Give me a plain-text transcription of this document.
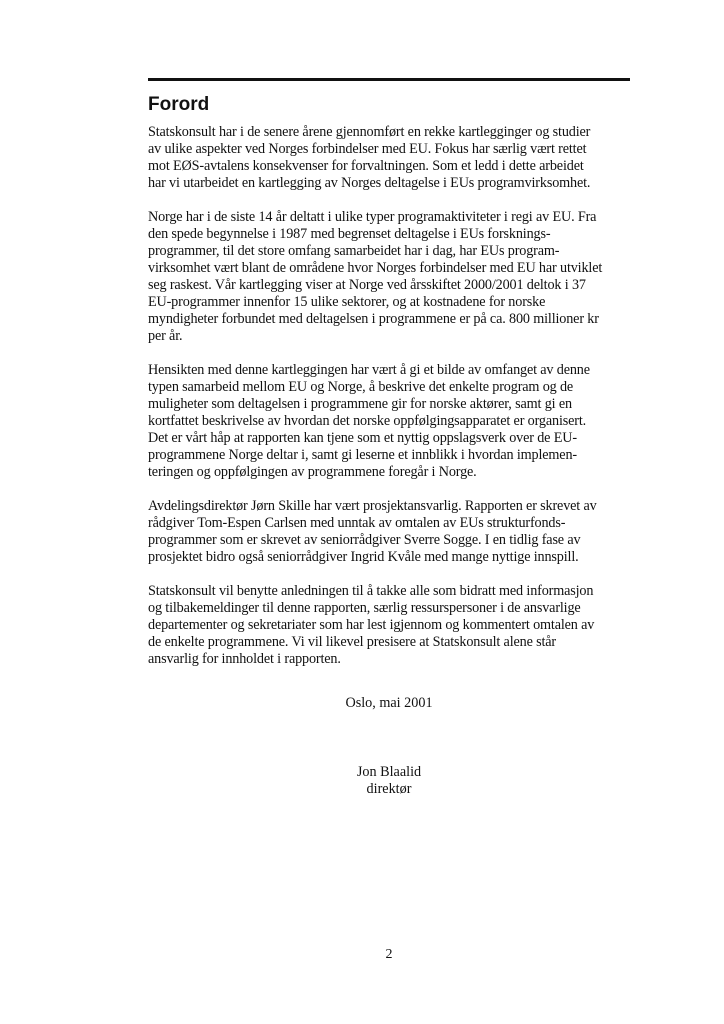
Forord

Statskonsult har i de senere årene gjennomført en rekke kartlegginger og studier
av ulike aspekter ved Norges forbindelser med EU. Fokus har særlig vært rettet
mot EØS-avtalens konsekvenser for forvaltningen. Som et ledd i dette arbeidet
har vi utarbeidet en kartlegging av Norges deltagelse i EUs programvirksomhet.

Norge har i de siste 14 år deltatt i ulike typer programaktiviteter i regi av EU. Fra
den spede begynnelse i 1987 med begrenset deltagelse i EUs forsknings-
programmer, til det store omfang samarbeidet har i dag, har EUs program-
virksomhet vært blant de områdene hvor Norges forbindelser med EU har utviklet
seg raskest. Vår kartlegging viser at Norge ved årsskiftet 2000/2001 deltok i 37
EU-programmer innenfor 15 ulike sektorer, og at kostnadene for norske
myndigheter forbundet med deltagelsen i programmene er på ca. 800 millioner kr
per år.

Hensikten med denne kartleggingen har vært å gi et bilde av omfanget av denne
typen samarbeid mellom EU og Norge, å beskrive det enkelte program og de
muligheter som deltagelsen i programmene gir for norske aktører, samt gi en
kortfattet beskrivelse av hvordan det norske oppfølgingsapparatet er organisert.
Det er vårt håp at rapporten kan tjene som et nyttig oppslagsverk over de EU-
programmene Norge deltar i, samt gi leserne et innblikk i hvordan implemen-
teringen og oppfølgingen av programmene foregår i Norge.

Avdelingsdirektør Jørn Skille har vært prosjektansvarlig. Rapporten er skrevet av
rådgiver Tom-Espen Carlsen med unntak av omtalen av EUs strukturfonds-
programmer som er skrevet av seniorrådgiver Sverre Sogge. I en tidlig fase av
prosjektet bidro også seniorrådgiver Ingrid Kvåle med mange nyttige innspill.

Statskonsult vil benytte anledningen til å takke alle som bidratt med informasjon
og tilbakemeldinger til denne rapporten, særlig ressurspersoner i de ansvarlige
departementer og sekretariater som har lest igjennom og kommentert omtalen av
de enkelte programmene. Vi vil likevel presisere at Statskonsult alene står
ansvarlig for innholdet i rapporten.

Oslo, mai 2001
Jon Blaalid
direktør
2
